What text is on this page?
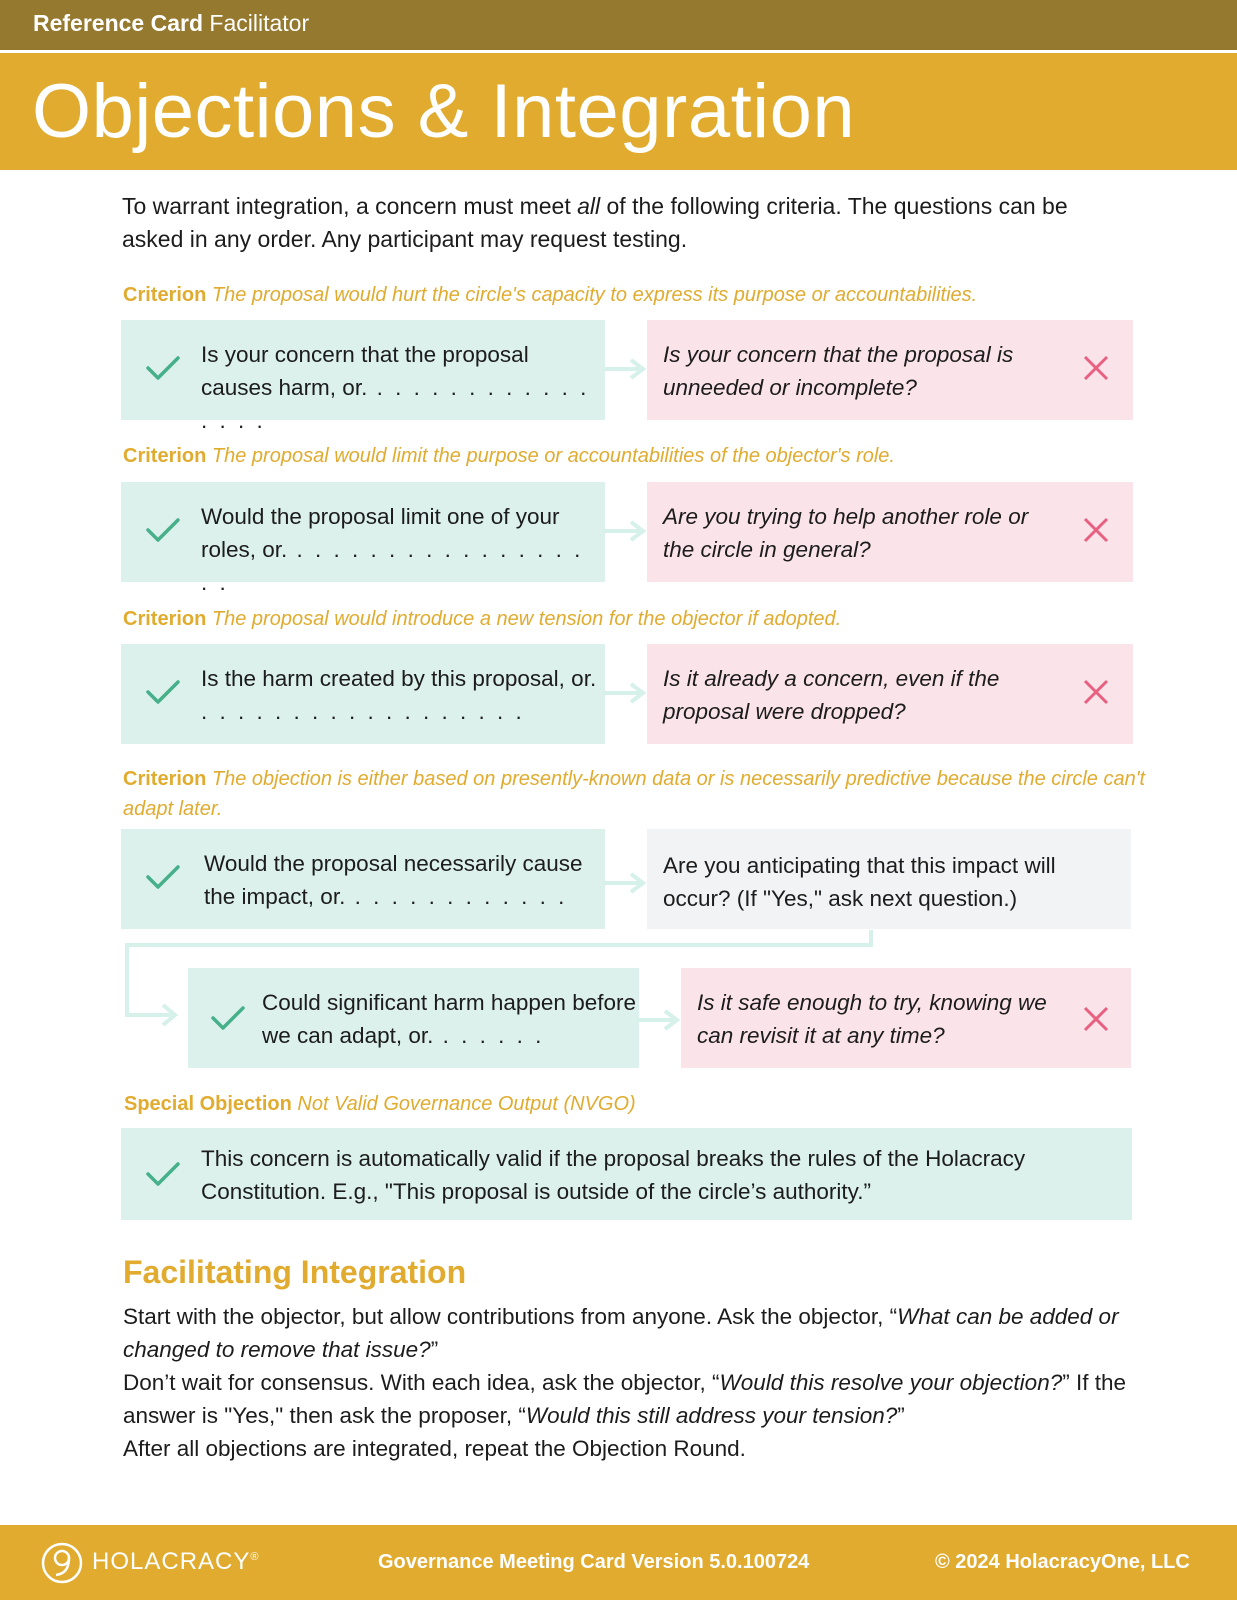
Reference Card Facilitator
Objections & Integration
To warrant integration, a concern must meet all of the following criteria. The questions can be asked in any order. Any participant may request testing.
Criterion The proposal would hurt the circle's capacity to express its purpose or accountabilities.
Is your concern that the proposal causes harm, or. . . . . . . . . . . . . . . . .
Is your concern that the proposal is unneeded or incomplete?
Criterion The proposal would limit the purpose or accountabilities of the objector's role.
Would the proposal limit one of your roles, or. . . . . . . . . . . . . . . . . . .
Are you trying to help another role or the circle in general?
Criterion The proposal would introduce a new tension for the objector if adopted.
Is the harm created by this proposal, or. . . . . . . . . . . . . . . . . . .
Is it already a concern, even if the proposal were dropped?
Criterion The objection is either based on presently-known data or is necessarily predictive because the circle can't adapt later.
Would the proposal necessarily cause the impact, or. . . . . . . . . . . . .
Are you anticipating that this impact will occur? (If "Yes," ask next question.)
Could significant harm happen before we can adapt, or. . . . . . .
Is it safe enough to try, knowing we can revisit it at any time?
Special Objection Not Valid Governance Output (NVGO)
This concern is automatically valid if the proposal breaks the rules of the Holacracy Constitution. E.g., "This proposal is outside of the circle’s authority.”
Facilitating Integration

Start with the objector, but allow contributions from anyone. Ask the objector, “What can be added or changed to remove that issue?”

Don’t wait for consensus. With each idea, ask the objector, “Would this resolve your objection?” If the answer is "Yes," then ask the proposer, “Would this still address your tension?”

After all objections are integrated, repeat the Objection Round.

HOLACRACY®	Governance Meeting Card Version 5.0.100724	© 2024 HolacracyOne, LLC
